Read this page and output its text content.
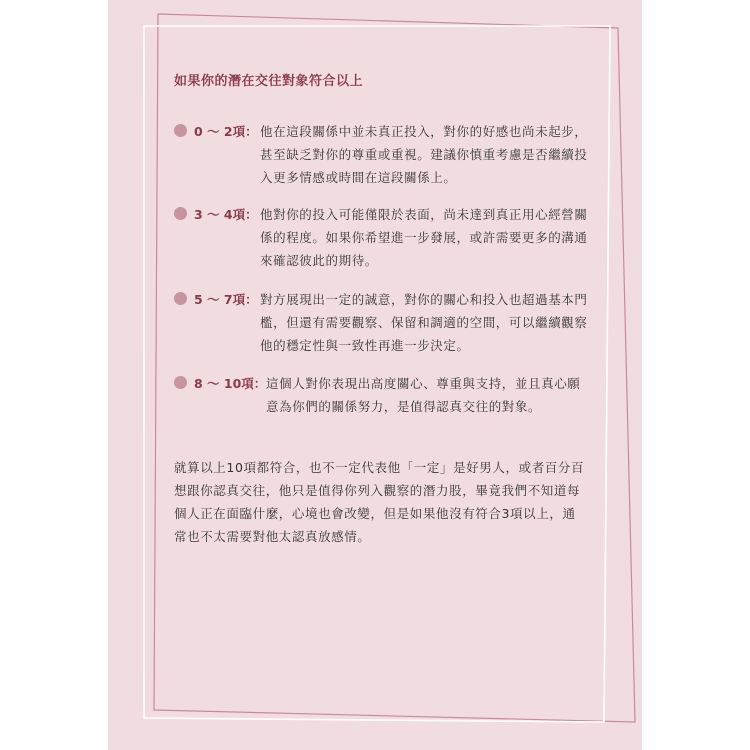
如果你的潛在交往對象符合以上
0 ～ 2項： 他在這段關係中並未真正投入，對你的好感也尚未起步，甚至缺乏對你的尊重或重視。建議你慎重考慮是否繼續投入更多情感或時間在這段關係上。

3 ～ 4項： 他對你的投入可能僅限於表面，尚未達到真正用心經營關係的程度。如果你希望進一步發展，或許需要更多的溝通來確認彼此的期待。

5 ～ 7項： 對方展現出一定的誠意，對你的關心和投入也超過基本門檻，但還有需要觀察、保留和調適的空間，可以繼續觀察他的穩定性與一致性再進一步決定。

8 ～ 10項： 這個人對你表現出高度關心、尊重與支持，並且真心願意為你們的關係努力，是值得認真交往的對象。

就算以上10項都符合，也不一定代表他「一定」是好男人，或者百分百想跟你認真交往，他只是值得你列入觀察的潛力股，畢竟我們不知道每個人正在面臨什麼，心境也會改變，但是如果他沒有符合3項以上，通常也不太需要對他太認真放感情。
